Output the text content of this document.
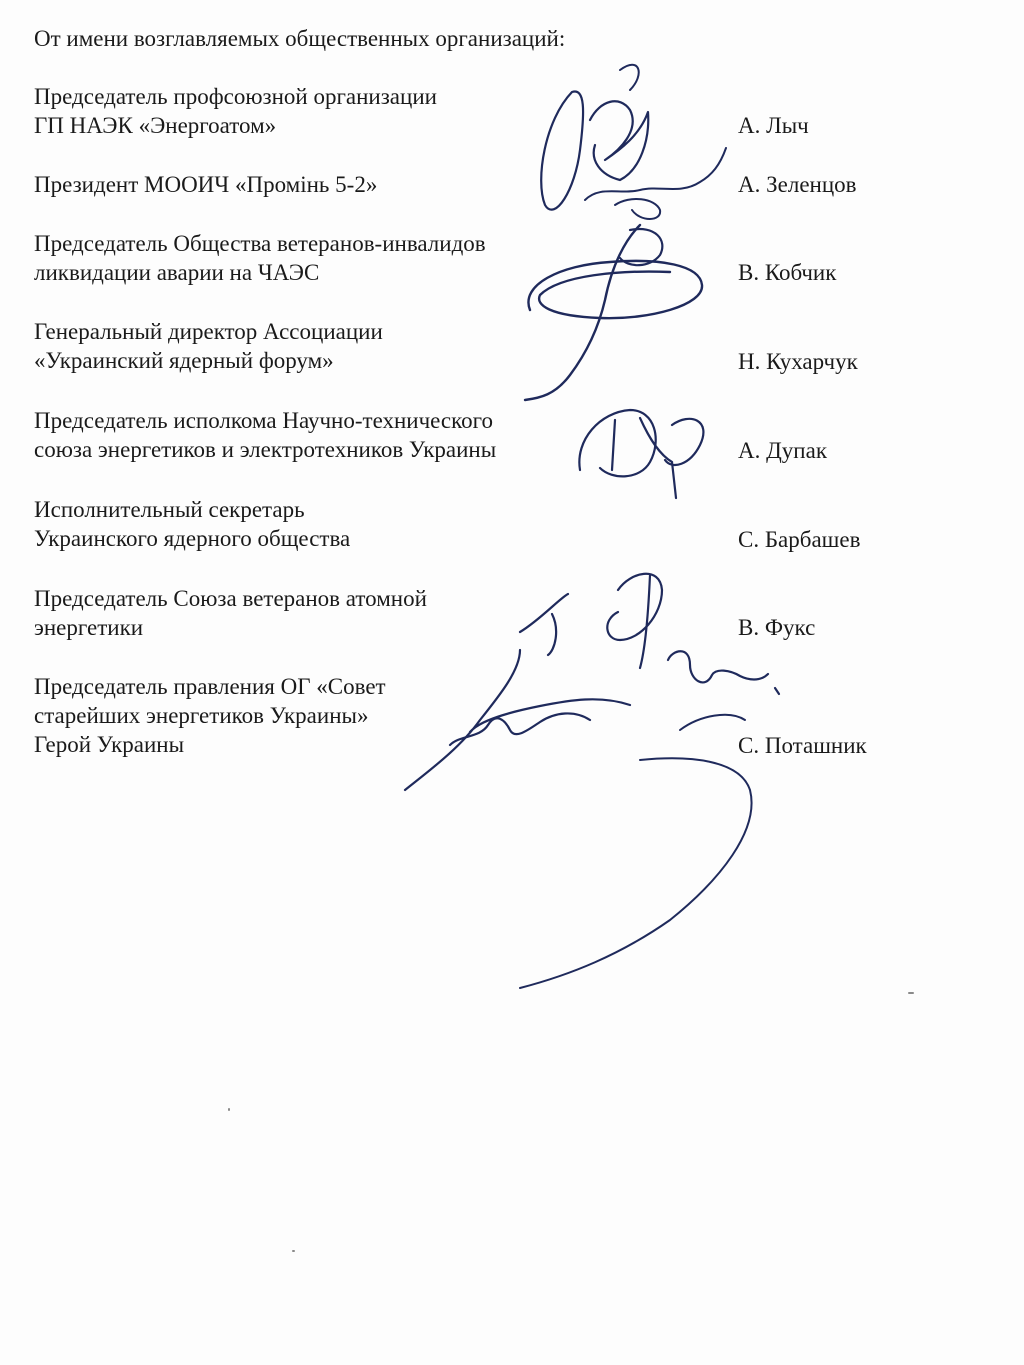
От имени возглавляемых общественных организаций:
Председатель профсоюзной организации
ГП НАЭК «Энергоатом»	А. Лыч
Президент МООИЧ «Промінь 5-2»	А. Зеленцов
Председатель Общества ветеранов-инвалидов
ликвидации аварии на ЧАЭС	В. Кобчик
Генеральный директор Ассоциации
«Украинский ядерный форум»	Н. Кухарчук
Председатель исполкома Научно-технического
союза энергетиков и электротехников Украины	А. Дупак
Исполнительный секретарь
Украинского ядерного общества	С. Барбашев
Председатель Союза ветеранов атомной
энергетики	В. Фукс
Председатель правления ОГ «Совет
старейших энергетиков Украины»
Герой Украины	С. Поташник
